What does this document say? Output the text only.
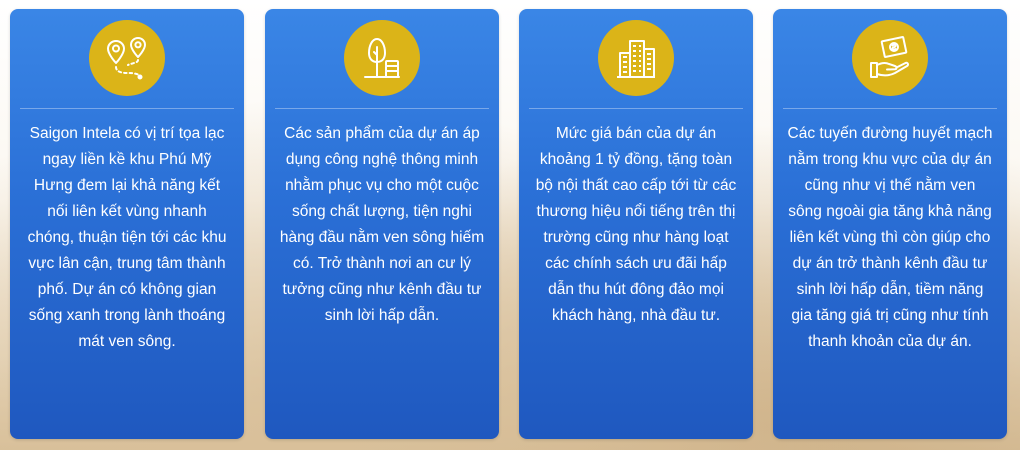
Saigon Intela có vị trí tọa lạc ngay liền kề khu Phú Mỹ Hưng đem lại khả năng kết nối liên kết vùng nhanh chóng, thuận tiện tới các khu vực lân cận, trung tâm thành phố. Dự án có không gian sống xanh trong lành thoáng mát ven sông.

Các sản phẩm của dự án áp dụng công nghệ thông minh nhằm phục vụ cho một cuộc sống chất lượng, tiện nghi hàng đầu nằm ven sông hiếm có. Trở thành nơi an cư lý tưởng cũng như kênh đầu tư sinh lời hấp dẫn.

Mức giá bán của dự án khoảng 1 tỷ đồng, tặng toàn bộ nội thất cao cấp tới từ các thương hiệu nổi tiếng trên thị trường cũng như hàng loạt các chính sách ưu đãi hấp dẫn thu hút đông đảo mọi khách hàng, nhà đầu tư.

Các tuyến đường huyết mạch nằm trong khu vực của dự án cũng như vị thế nằm ven sông ngoài gia tăng khả năng liên kết vùng thì còn giúp cho dự án trở thành kênh đầu tư sinh lời hấp dẫn, tiềm năng gia tăng giá trị cũng như tính thanh khoản của dự án.
